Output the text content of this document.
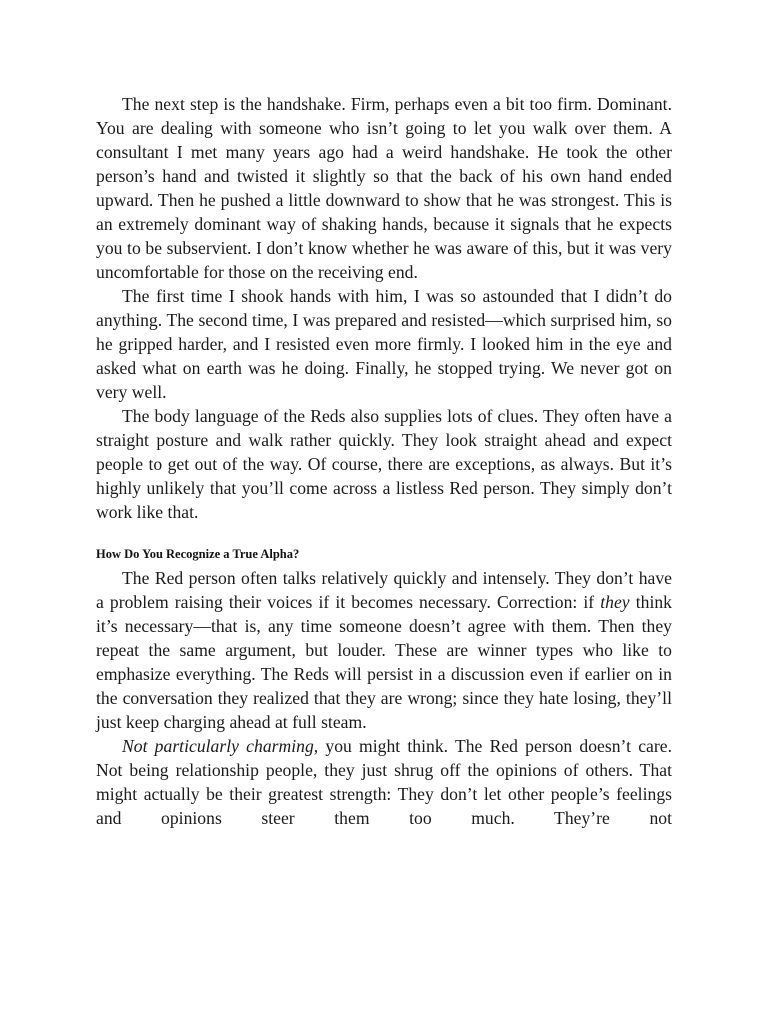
The next step is the handshake. Firm, perhaps even a bit too firm. Dominant. You are dealing with someone who isn’t going to let you walk over them. A consultant I met many years ago had a weird handshake. He took the other person’s hand and twisted it slightly so that the back of his own hand ended upward. Then he pushed a little downward to show that he was strongest. This is an extremely dominant way of shaking hands, because it signals that he expects you to be subservient. I don’t know whether he was aware of this, but it was very uncomfortable for those on the receiving end.

The first time I shook hands with him, I was so astounded that I didn’t do anything. The second time, I was prepared and resisted—which surprised him, so he gripped harder, and I resisted even more firmly. I looked him in the eye and asked what on earth was he doing. Finally, he stopped trying. We never got on very well.

The body language of the Reds also supplies lots of clues. They often have a straight posture and walk rather quickly. They look straight ahead and expect people to get out of the way. Of course, there are exceptions, as always. But it’s highly unlikely that you’ll come across a listless Red person. They simply don’t work like that.

How Do You Recognize a True Alpha?

The Red person often talks relatively quickly and intensely. They don’t have a problem raising their voices if it becomes necessary. Correction: if they think it’s necessary—that is, any time someone doesn’t agree with them. Then they repeat the same argument, but louder. These are winner types who like to emphasize everything. The Reds will persist in a discussion even if earlier on in the conversation they realized that they are wrong; since they hate losing, they’ll just keep charging ahead at full steam.

Not particularly charming, you might think. The Red person doesn’t care. Not being relationship people, they just shrug off the opinions of others. That might actually be their greatest strength: They don’t let other people’s feelings and opinions steer them too much. They’re not
